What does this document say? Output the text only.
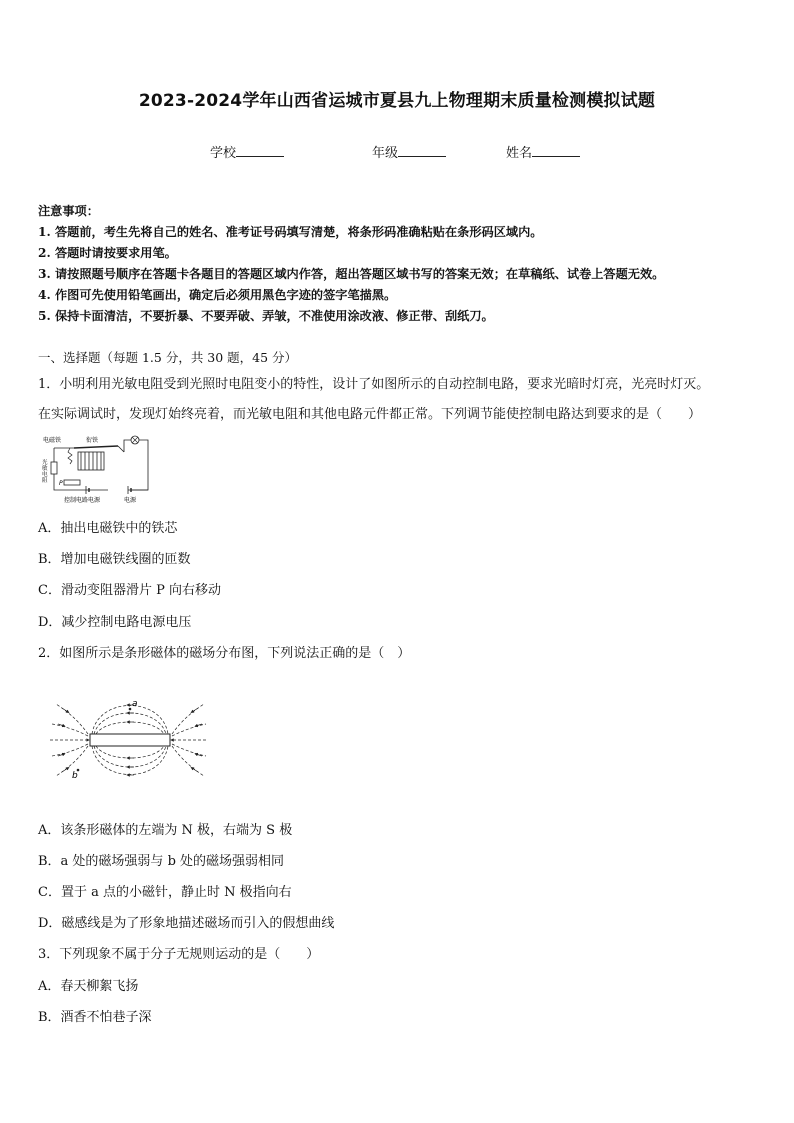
2023-2024学年山西省运城市夏县九上物理期末质量检测模拟试题
学校	年级	姓名
注意事项：
1. 答题前，考生先将自己的姓名、准考证号码填写清楚，将条形码准确粘贴在条形码区域内。
2. 答题时请按要求用笔。
3. 请按照题号顺序在答题卡各题目的答题区域内作答，超出答题区域书写的答案无效；在草稿纸、试卷上答题无效。
4. 作图可先使用铅笔画出，确定后必须用黑色字迹的签字笔描黑。
5. 保持卡面清洁，不要折暴、不要弄破、弄皱，不准使用涂改液、修正带、刮纸刀。
一、选择题（每题 1.5 分，共 30 题，45 分）
1．小明利用光敏电阻受到光照时电阻变小的特性，设计了如图所示的自动控制电路，要求光暗时灯亮，光亮时灯灭。
在实际调试时，发现灯始终亮着，而光敏电阻和其他电路元件都正常。下列调节能使控制电路达到要求的是（　　）
电磁铁	衔铁
光
敏
电
阻 P
控制电路电源	电源
A．抽出电磁铁中的铁芯
B．增加电磁铁线圈的匝数
C．滑动变阻器滑片 P 向右移动
D．减少控制电路电源电压
2．如图所示是条形磁体的磁场分布图，下列说法正确的是（　）
a
b
A．该条形磁体的左端为 N 极，右端为 S 极
B．a 处的磁场强弱与 b 处的磁场强弱相同
C．置于 a 点的小磁针，静止时 N 极指向右
D．磁感线是为了形象地描述磁场而引入的假想曲线
3．下列现象不属于分子无规则运动的是（　　）
A．春天柳絮飞扬
B．酒香不怕巷子深
